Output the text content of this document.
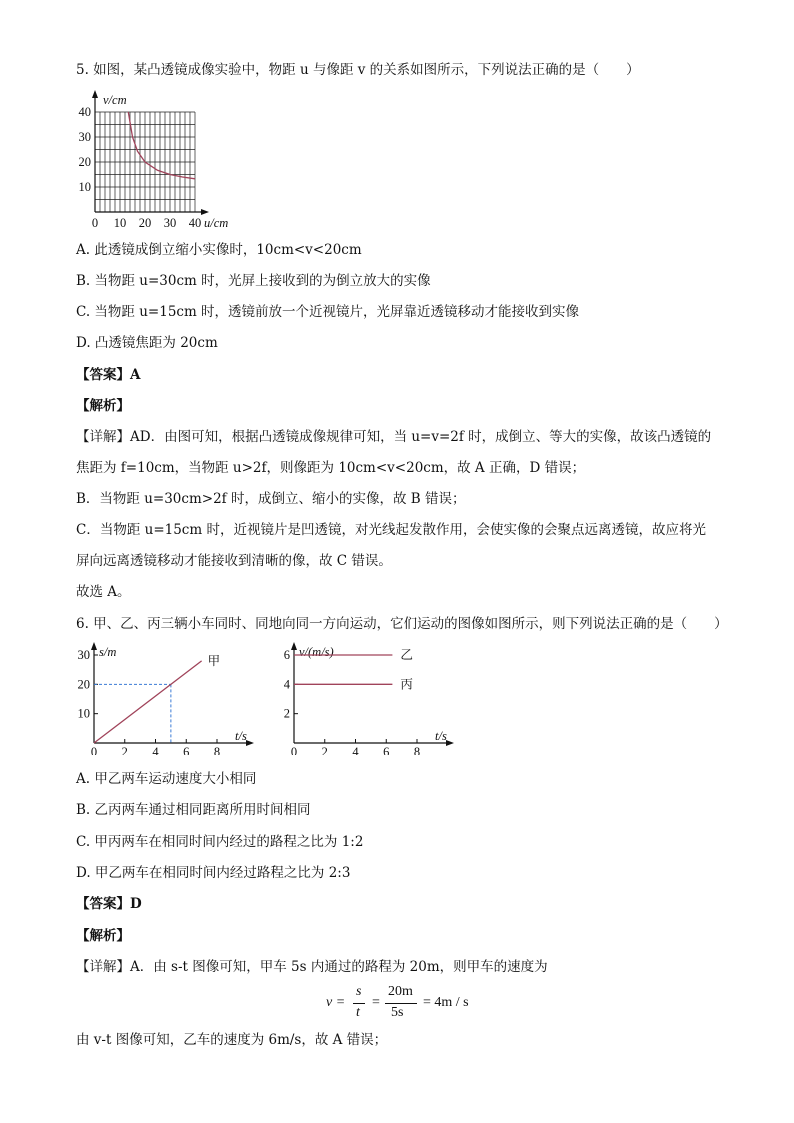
5. 如图，某凸透镜成像实验中，物距 u 与像距 v 的关系如图所示，下列说法正确的是（　　）
v/cm
u/cm
40
30
20
10
0 10 20 30 40
A. 此透镜成倒立缩小实像时，10cm<v<20cm
B. 当物距 u=30cm 时，光屏上接收到的为倒立放大的实像
C. 当物距 u=15cm 时，透镜前放一个近视镜片，光屏靠近透镜移动才能接收到实像
D. 凸透镜焦距为 20cm
【答案】A
【解析】
【详解】AD．由图可知，根据凸透镜成像规律可知，当 u=v=2f 时，成倒立、等大的实像，故该凸透镜的
焦距为 f=10cm，当物距 u>2f，则像距为 10cm<v<20cm，故 A 正确，D 错误；
B．当物距 u=30cm>2f 时，成倒立、缩小的实像，故 B 错误；
C．当物距 u=15cm 时，近视镜片是凹透镜，对光线起发散作用，会使实像的会聚点远离透镜，故应将光
屏向远离透镜移动才能接收到清晰的像，故 C 错误。
故选 A。
6. 甲、乙、丙三辆小车同时、同地向同一方向运动，它们运动的图像如图所示，则下列说法正确的是（　　）
s/m
t/s
30
20
10
0 2 4 6 8
甲
v/(m/s)
t/s
6
4
2
0 2 4 6 8
乙
丙
A. 甲乙两车运动速度大小相同
B. 乙丙两车通过相同距离所用时间相同
C. 甲丙两车在相同时间内经过的路程之比为 1:2
D. 甲乙两车在相同时间内经过路程之比为 2:3
【答案】D
【解析】
【详解】A．由 s-t 图像可知，甲车 5s 内通过的路程为 20m，则甲车的速度为
v =
s
t
=
20m
5s
= 4m / s
由 v-t 图像可知，乙车的速度为 6m/s，故 A 错误；
